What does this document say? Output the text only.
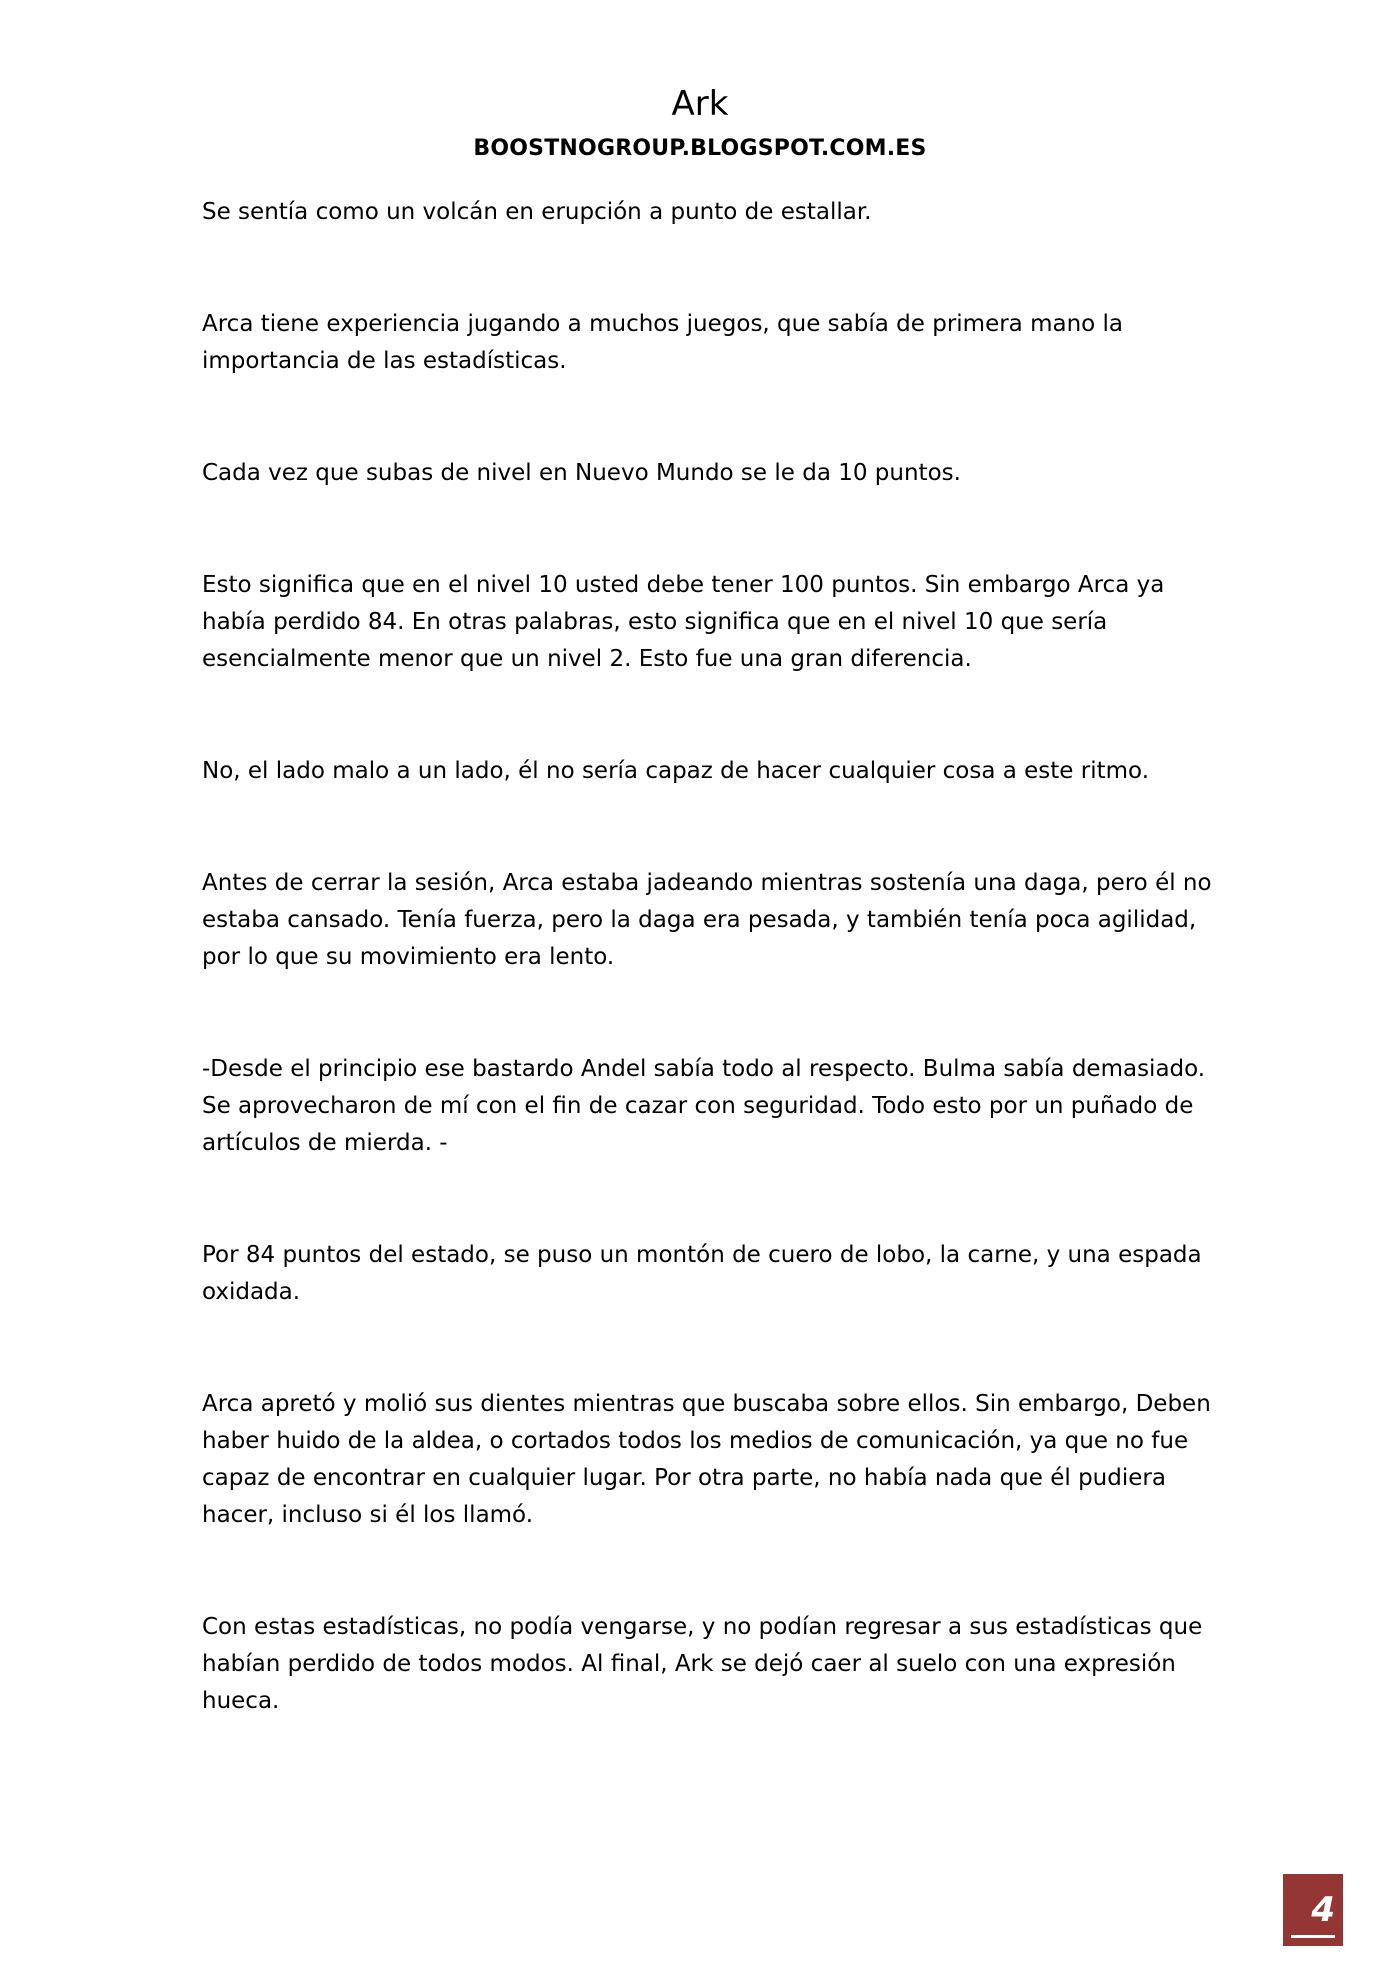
Ark
BOOSTNOGROUP.BLOGSPOT.COM.ES

Se sentía como un volcán en erupción a punto de estallar.

Arca tiene experiencia jugando a muchos juegos, que sabía de primera mano la importancia de las estadísticas.

Cada vez que subas de nivel en Nuevo Mundo se le da 10 puntos.

Esto significa que en el nivel 10 usted debe tener 100 puntos. Sin embargo Arca ya había perdido 84. En otras palabras, esto significa que en el nivel 10 que sería esencialmente menor que un nivel 2. Esto fue una gran diferencia.

No, el lado malo a un lado, él no sería capaz de hacer cualquier cosa a este ritmo.

Antes de cerrar la sesión, Arca estaba jadeando mientras sostenía una daga, pero él no estaba cansado. Tenía fuerza, pero la daga era pesada, y también tenía poca agilidad, por lo que su movimiento era lento.

-Desde el principio ese bastardo Andel sabía todo al respecto. Bulma sabía demasiado. Se aprovecharon de mí con el fin de cazar con seguridad. Todo esto por un puñado de artículos de mierda. -

Por 84 puntos del estado, se puso un montón de cuero de lobo, la carne, y una espada oxidada.

Arca apretó y molió sus dientes mientras que buscaba sobre ellos. Sin embargo, Deben haber huido de la aldea, o cortados todos los medios de comunicación, ya que no fue capaz de encontrar en cualquier lugar. Por otra parte, no había nada que él pudiera hacer, incluso si él los llamó.

Con estas estadísticas, no podía vengarse, y no podían regresar a sus estadísticas que habían perdido de todos modos. Al final, Ark se dejó caer al suelo con una expresión hueca.

4
